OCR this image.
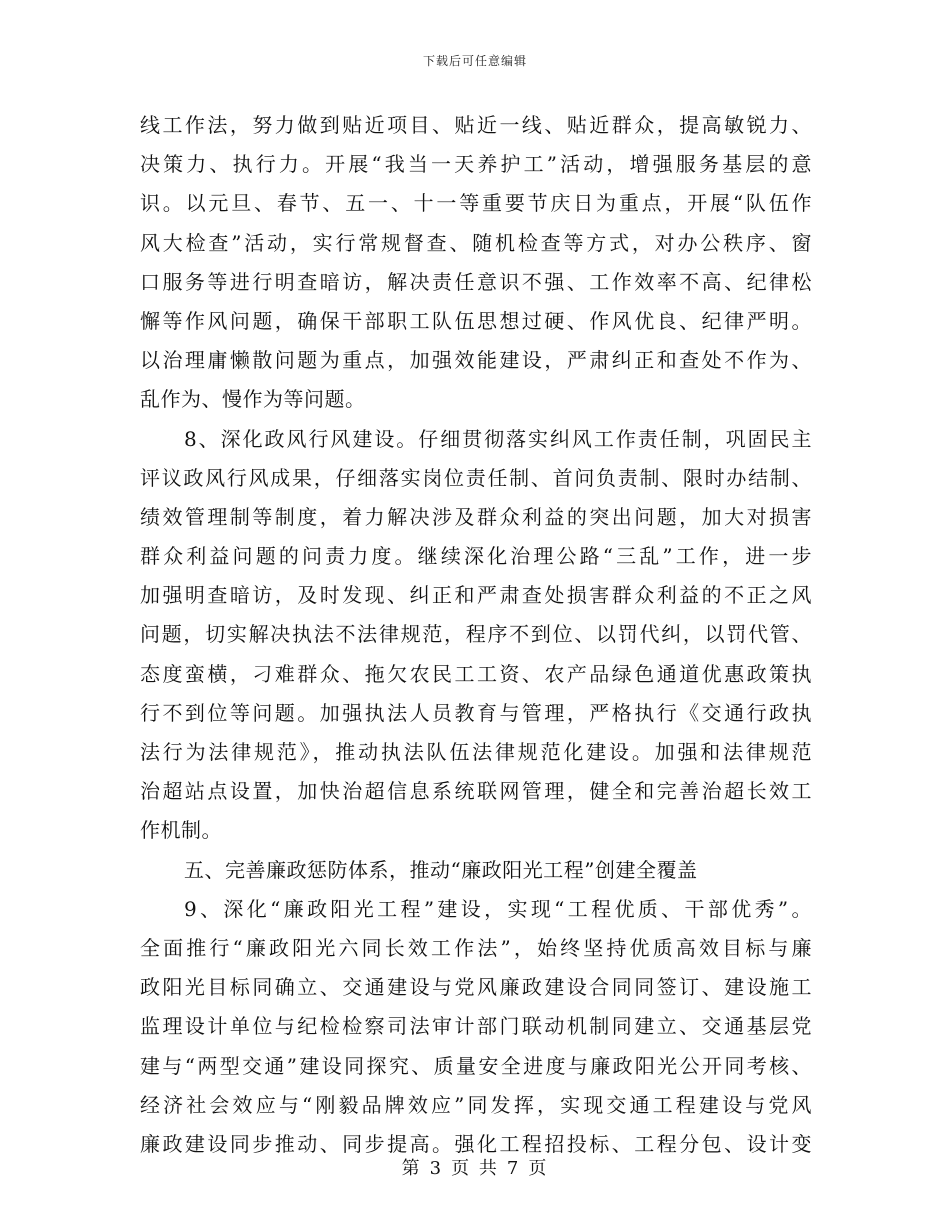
下载后可任意编辑
线工作法，努力做到贴近项目、贴近一线、贴近群众，提高敏锐力、
决策力、执行力。开展“我当一天养护工”活动，增强服务基层的意
识。以元旦、春节、五一、十一等重要节庆日为重点，开展“队伍作
风大检查”活动，实行常规督查、随机检查等方式，对办公秩序、窗
口服务等进行明查暗访，解决责任意识不强、工作效率不高、纪律松
懈等作风问题，确保干部职工队伍思想过硬、作风优良、纪律严明。
以治理庸懒散问题为重点，加强效能建设，严肃纠正和查处不作为、
乱作为、慢作为等问题。
8、深化政风行风建设。仔细贯彻落实纠风工作责任制，巩固民主
评议政风行风成果，仔细落实岗位责任制、首问负责制、限时办结制、
绩效管理制等制度，着力解决涉及群众利益的突出问题，加大对损害
群众利益问题的问责力度。继续深化治理公路“三乱”工作，进一步
加强明查暗访，及时发现、纠正和严肃查处损害群众利益的不正之风
问题，切实解决执法不法律规范，程序不到位、以罚代纠，以罚代管、
态度蛮横，刁难群众、拖欠农民工工资、农产品绿色通道优惠政策执
行不到位等问题。加强执法人员教育与管理，严格执行《交通行政执
法行为法律规范》，推动执法队伍法律规范化建设。加强和法律规范
治超站点设置，加快治超信息系统联网管理，健全和完善治超长效工
作机制。
五、完善廉政惩防体系，推动“廉政阳光工程”创建全覆盖
9、深化“廉政阳光工程”建设，实现“工程优质、干部优秀”。
全面推行“廉政阳光六同长效工作法”，始终坚持优质高效目标与廉
政阳光目标同确立、交通建设与党风廉政建设合同同签订、建设施工
监理设计单位与纪检检察司法审计部门联动机制同建立、交通基层党
建与“两型交通”建设同探究、质量安全进度与廉政阳光公开同考核、
经济社会效应与“刚毅品牌效应”同发挥，实现交通工程建设与党风
廉政建设同步推动、同步提高。强化工程招投标、工程分包、设计变
第 3 页 共 7 页
